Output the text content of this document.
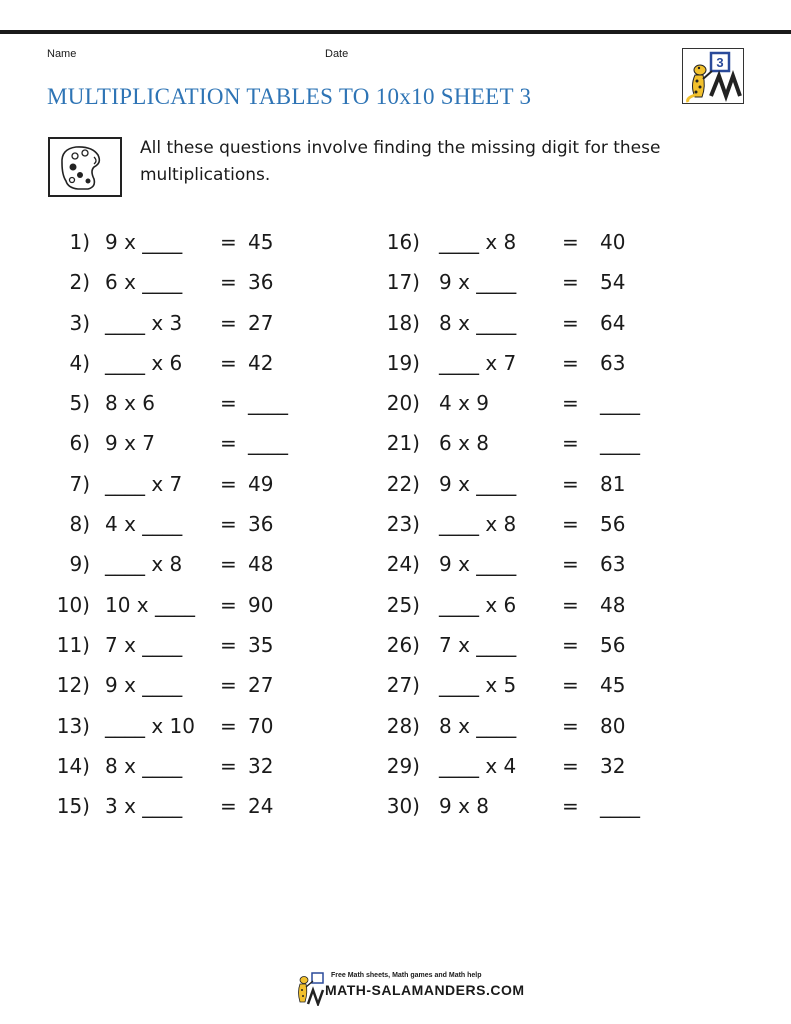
Name	Date
MULTIPLICATION TABLES TO 10x10 SHEET 3
3

All these questions involve finding the missing digit for these multiplications.

1) 9 x ____ = 45
2) 6 x ____ = 36
3) ____ x 3 = 27
4) ____ x 6 = 42
5) 8 x 6	= ____
6) 9 x 7	= ____
7) ____ x 7 = 49
8) 4 x ____ = 36
9) ____ x 8 = 48
10) 10 x ____ = 90
11) 7 x ____ = 35
12) 9 x ____ = 27
13) ____ x 10 = 70
14) 8 x ____ = 32
15) 3 x ____ = 24
16) ____ x 8 = 40
17) 9 x ____ = 54
18) 8 x ____ = 64
19) ____ x 7 = 63
20) 4 x 9	= ____
21) 6 x 8	= ____
22) 9 x ____ = 81
23) ____ x 8 = 56
24) 9 x ____ = 63
25) ____ x 6 = 48
26) 7 x ____ = 56
27) ____ x 5 = 45
28) 8 x ____ = 80
29) ____ x 4 = 32
30) 9 x 8	= ____
Free Math sheets, Math games and Math help
MATH-SALAMANDERS.COM
